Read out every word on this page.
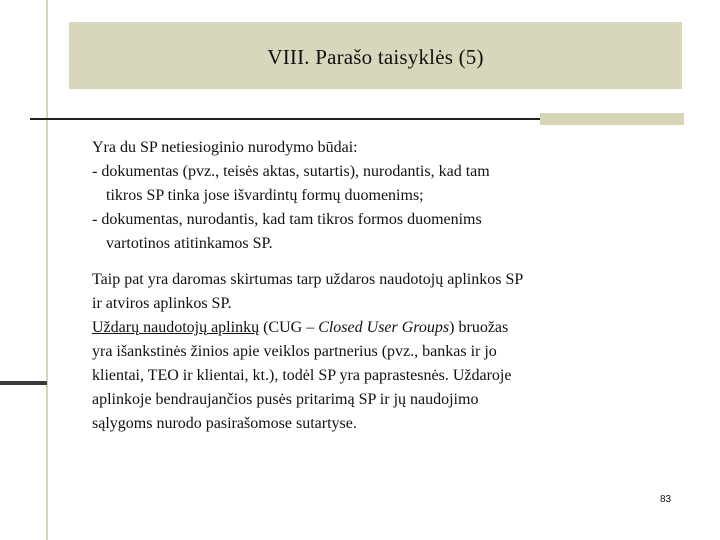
VIII. Parašo taisyklės (5)
Yra du SP netiesioginio nurodymo būdai:
- dokumentas (pvz., teisės aktas, sutartis), nurodantis, kad tam
tikros SP tinka jose išvardintų formų duomenims;
- dokumentas, nurodantis, kad tam tikros formos duomenims
vartotinos atitinkamos SP.
Taip pat yra daromas skirtumas tarp uždaros naudotojų aplinkos SP
ir atviros aplinkos SP.
Uždarų naudotojų aplinkų (CUG – Closed User Groups) bruožas
yra išankstinės žinios apie veiklos partnerius (pvz., bankas ir jo
klientai, TEO ir klientai, kt.), todėl SP yra paprastesnės. Uždaroje
aplinkoje bendraujančios pusės pritarimą SP ir jų naudojimo
sąlygoms nurodo pasirašomose sutartyse.
83
